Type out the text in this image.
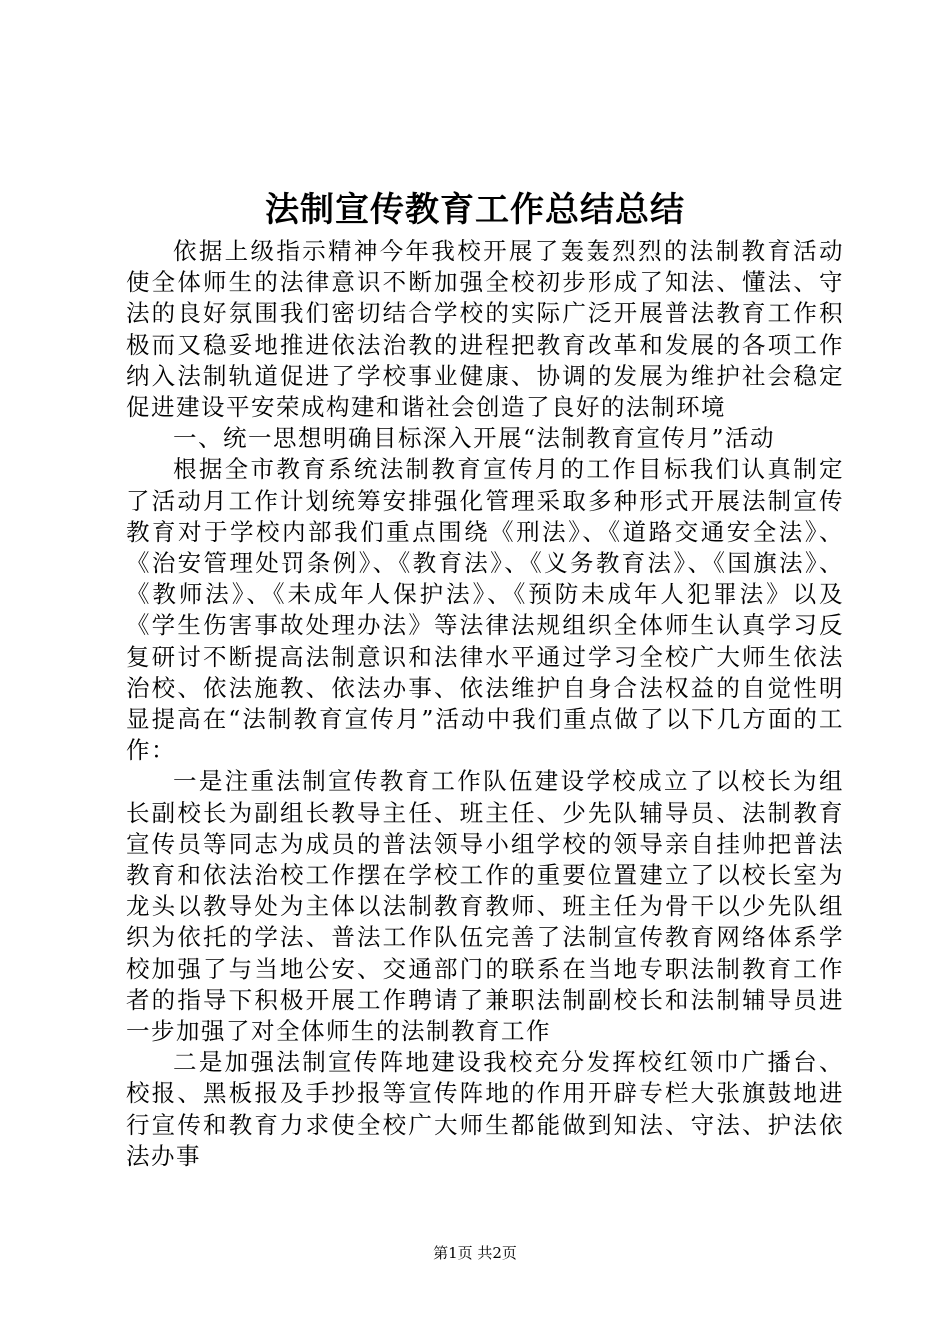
法制宣传教育工作总结总结

依据上级指示精神今年我校开展了轰轰烈烈的法制教育活动使全体师生的法律意识不断加强全校初步形成了知法、懂法、守法的良好氛围我们密切结合学校的实际广泛开展普法教育工作积极而又稳妥地推进依法治教的进程把教育改革和发展的各项工作纳入法制轨道促进了学校事业健康、协调的发展为维护社会稳定促进建设平安荣成构建和谐社会创造了良好的法制环境

一、统一思想明确目标深入开展“法制教育宣传月”活动

根据全市教育系统法制教育宣传月的工作目标我们认真制定了活动月工作计划统筹安排强化管理采取多种形式开展法制宣传教育对于学校内部我们重点围绕《刑法》、《道路交通安全法》、《治安管理处罚条例》、《教育法》、《义务教育法》、《国旗法》、《教师法》、《未成年人保护法》、《预防未成年人犯罪法》以及《学生伤害事故处理办法》等法律法规组织全体师生认真学习反复研讨不断提高法制意识和法律水平通过学习全校广大师生依法治校、依法施教、依法办事、依法维护自身合法权益的自觉性明显提高在“法制教育宣传月”活动中我们重点做了以下几方面的工作：

一是注重法制宣传教育工作队伍建设学校成立了以校长为组长副校长为副组长教导主任、班主任、少先队辅导员、法制教育宣传员等同志为成员的普法领导小组学校的领导亲自挂帅把普法教育和依法治校工作摆在学校工作的重要位置建立了以校长室为龙头以教导处为主体以法制教育教师、班主任为骨干以少先队组织为依托的学法、普法工作队伍完善了法制宣传教育网络体系学校加强了与当地公安、交通部门的联系在当地专职法制教育工作者的指导下积极开展工作聘请了兼职法制副校长和法制辅导员进一步加强了对全体师生的法制教育工作

二是加强法制宣传阵地建设我校充分发挥校红领巾广播台、校报、黑板报及手抄报等宣传阵地的作用开辟专栏大张旗鼓地进行宣传和教育力求使全校广大师生都能做到知法、守法、护法依法办事

第1页 共2页
